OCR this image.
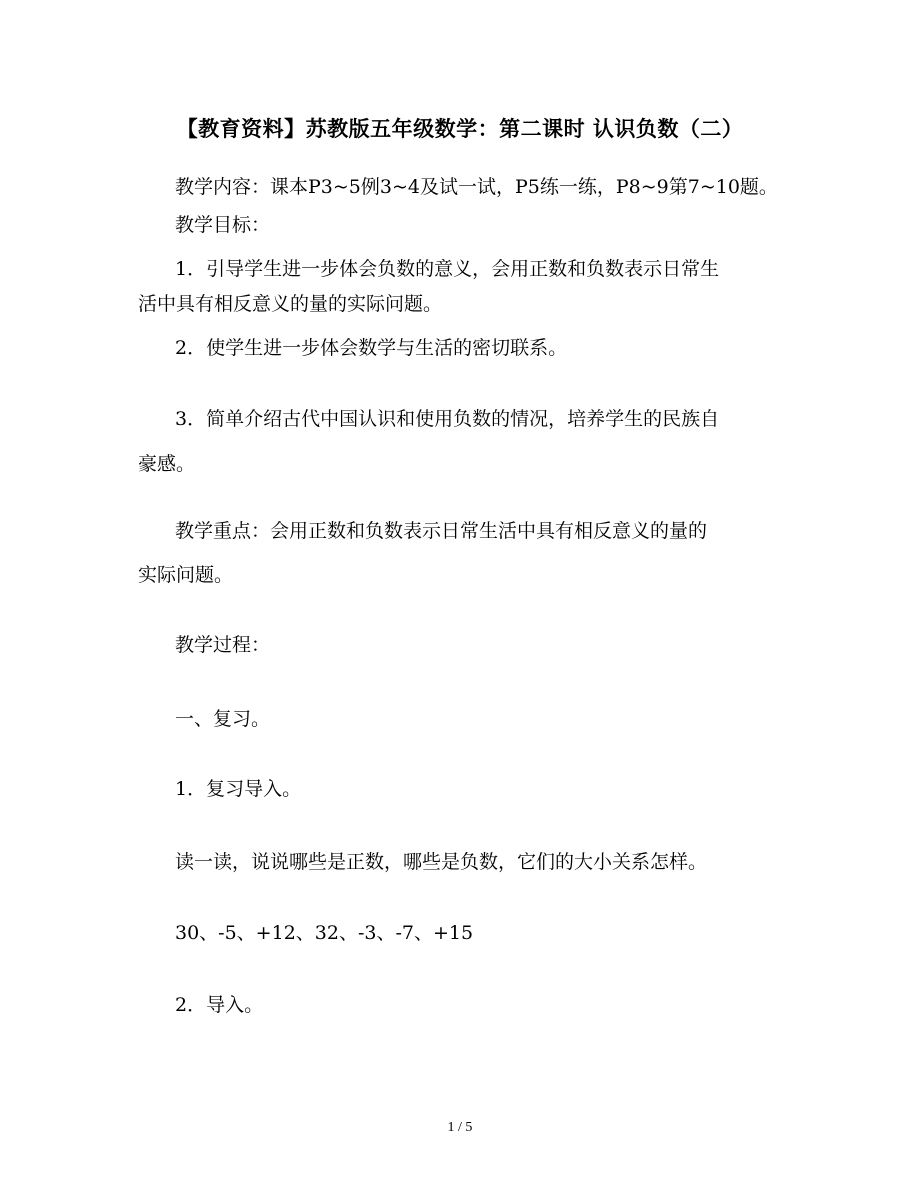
【教育资料】苏教版五年级数学：第二课时 认识负数（二）
教学内容：课本P3~5例3~4及试一试，P5练一练，P8~9第7~10题。
教学目标：
1．引导学生进一步体会负数的意义，会用正数和负数表示日常生
活中具有相反意义的量的实际问题。
2．使学生进一步体会数学与生活的密切联系。
3．简单介绍古代中国认识和使用负数的情况，培养学生的民族自
豪感。
教学重点：会用正数和负数表示日常生活中具有相反意义的量的
实际问题。
教学过程：
一、复习。
1．复习导入。
读一读，说说哪些是正数，哪些是负数，它们的大小关系怎样。
30、-5、+12、32、-3、-7、+15
2．导入。
1 / 5
